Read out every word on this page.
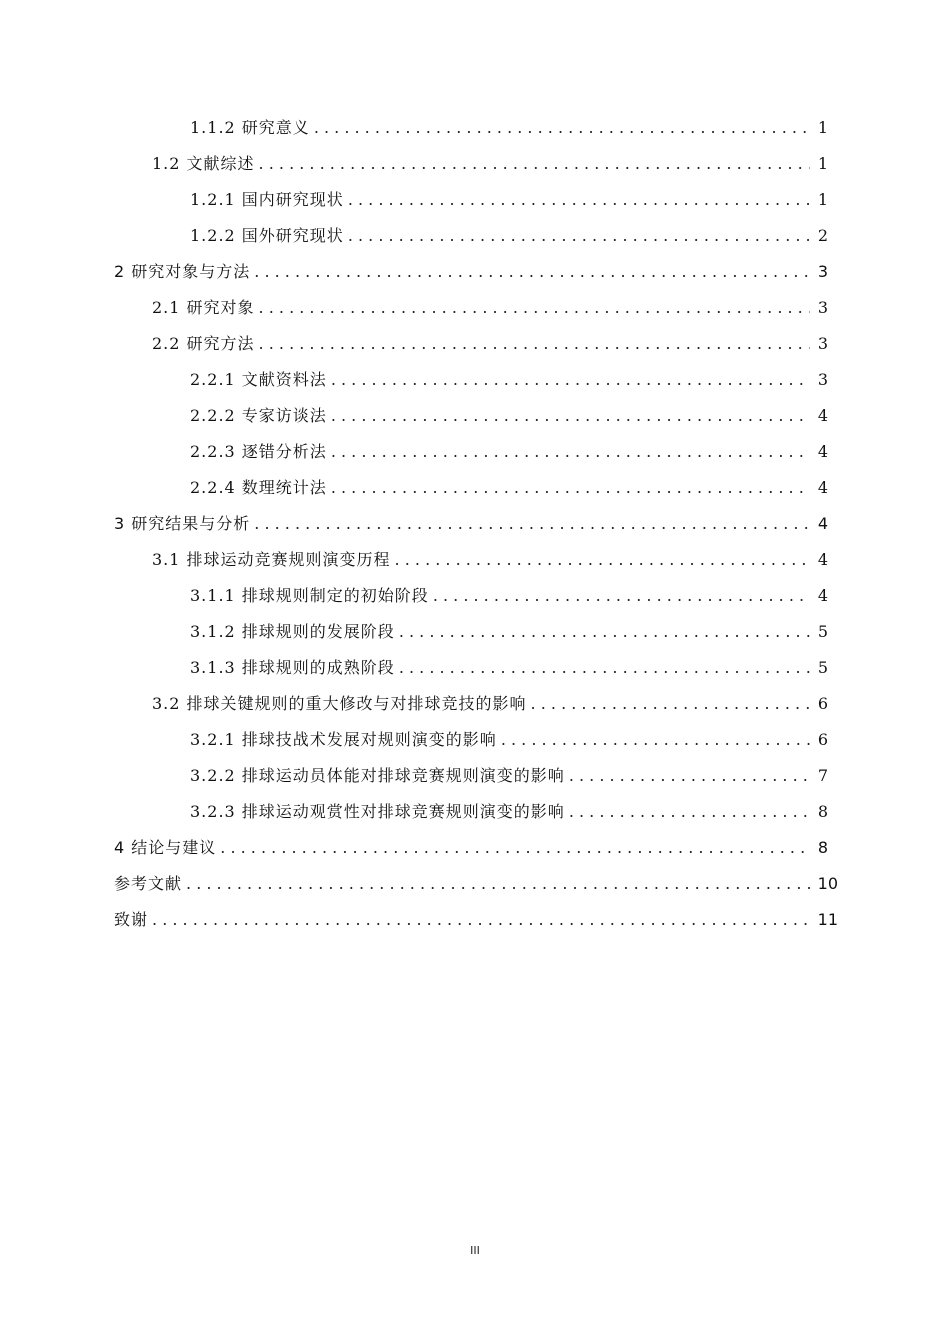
1.1.2 研究意义 . . .	1
1.2 文献综述 . . .	1
1.2.1 国内研究现状 . . .	1
1.2.2 国外研究现状 . . .	2
2 研究对象与方法 . . .	3
2.1 研究对象 . . .	3
2.2 研究方法 . . .	3
2.2.1 文献资料法 . . .	3
2.2.2 专家访谈法 . . .	4
2.2.3 逐错分析法 . . .	4
2.2.4 数理统计法 . . .	4
3 研究结果与分析 . . .	4
3.1 排球运动竞赛规则演变历程 . . .	4
3.1.1 排球规则制定的初始阶段 . . .	4
3.1.2 排球规则的发展阶段 . . .	5
3.1.3 排球规则的成熟阶段 . . .	5
3.2 排球关键规则的重大修改与对排球竞技的影响 . . .	6
3.2.1 排球技战术发展对规则演变的影响 . . .	6
3.2.2 排球运动员体能对排球竞赛规则演变的影响 . . .	7
3.2.3 排球运动观赏性对排球竞赛规则演变的影响 . . .	8
4 结论与建议 . . .	8
参考文献 . . .	10
致谢 . . .	11
III
